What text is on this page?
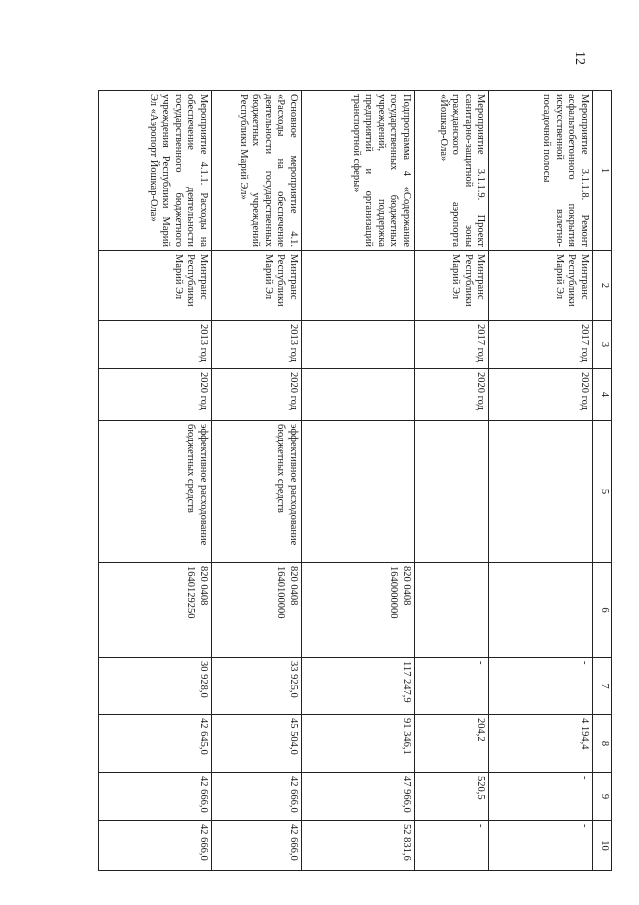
12
1	2	3	4	5	6	7	8	9	10
Мероприятие 3.1.1.8. Ремонт асфальтобетонного покрытия искусственной взлетно-посадочной полосы	Минтранс Республики Марий Эл	2017 год	2020 год			-	4 194,4	-	-
Мероприятие 3.1.1.9. Проект санитарно-защитной зоны гражданского аэропорта «Йошкар-Ола»	Минтранс Республики Марий Эл	2017 год	2020 год			-	204,2	520,5	-
Подпрограмма 4 «Содержание государственных бюджетных учреждений, поддержка предприятий и организаций транспортной сферы»					820 0408 1640000000	117 247,9	91 346,1	47 966,0	52 831,6
Основное мероприятие 4.1. «Расходы на обеспечение деятельности государственных бюджетных учреждений Республики Марий Эл»	Минтранс Республики Марий Эл	2013 год	2020 год	эффективное расходование бюджетных средств	820 0408 1640100000	33 925,0	45 504,0	42 666,0	42 666,0
Мероприятие 4.1.1. Расходы на обеспечение деятельности государственного бюджетного учреждения Республики Марий Эл «Аэропорт Йошкар-Ола»	Минтранс Республики Марий Эл	2013 год	2020 год	эффективное расходование бюджетных средств	820 0408 1640129250	30 928,0	42 645,0	42 666,0	42 666,0
